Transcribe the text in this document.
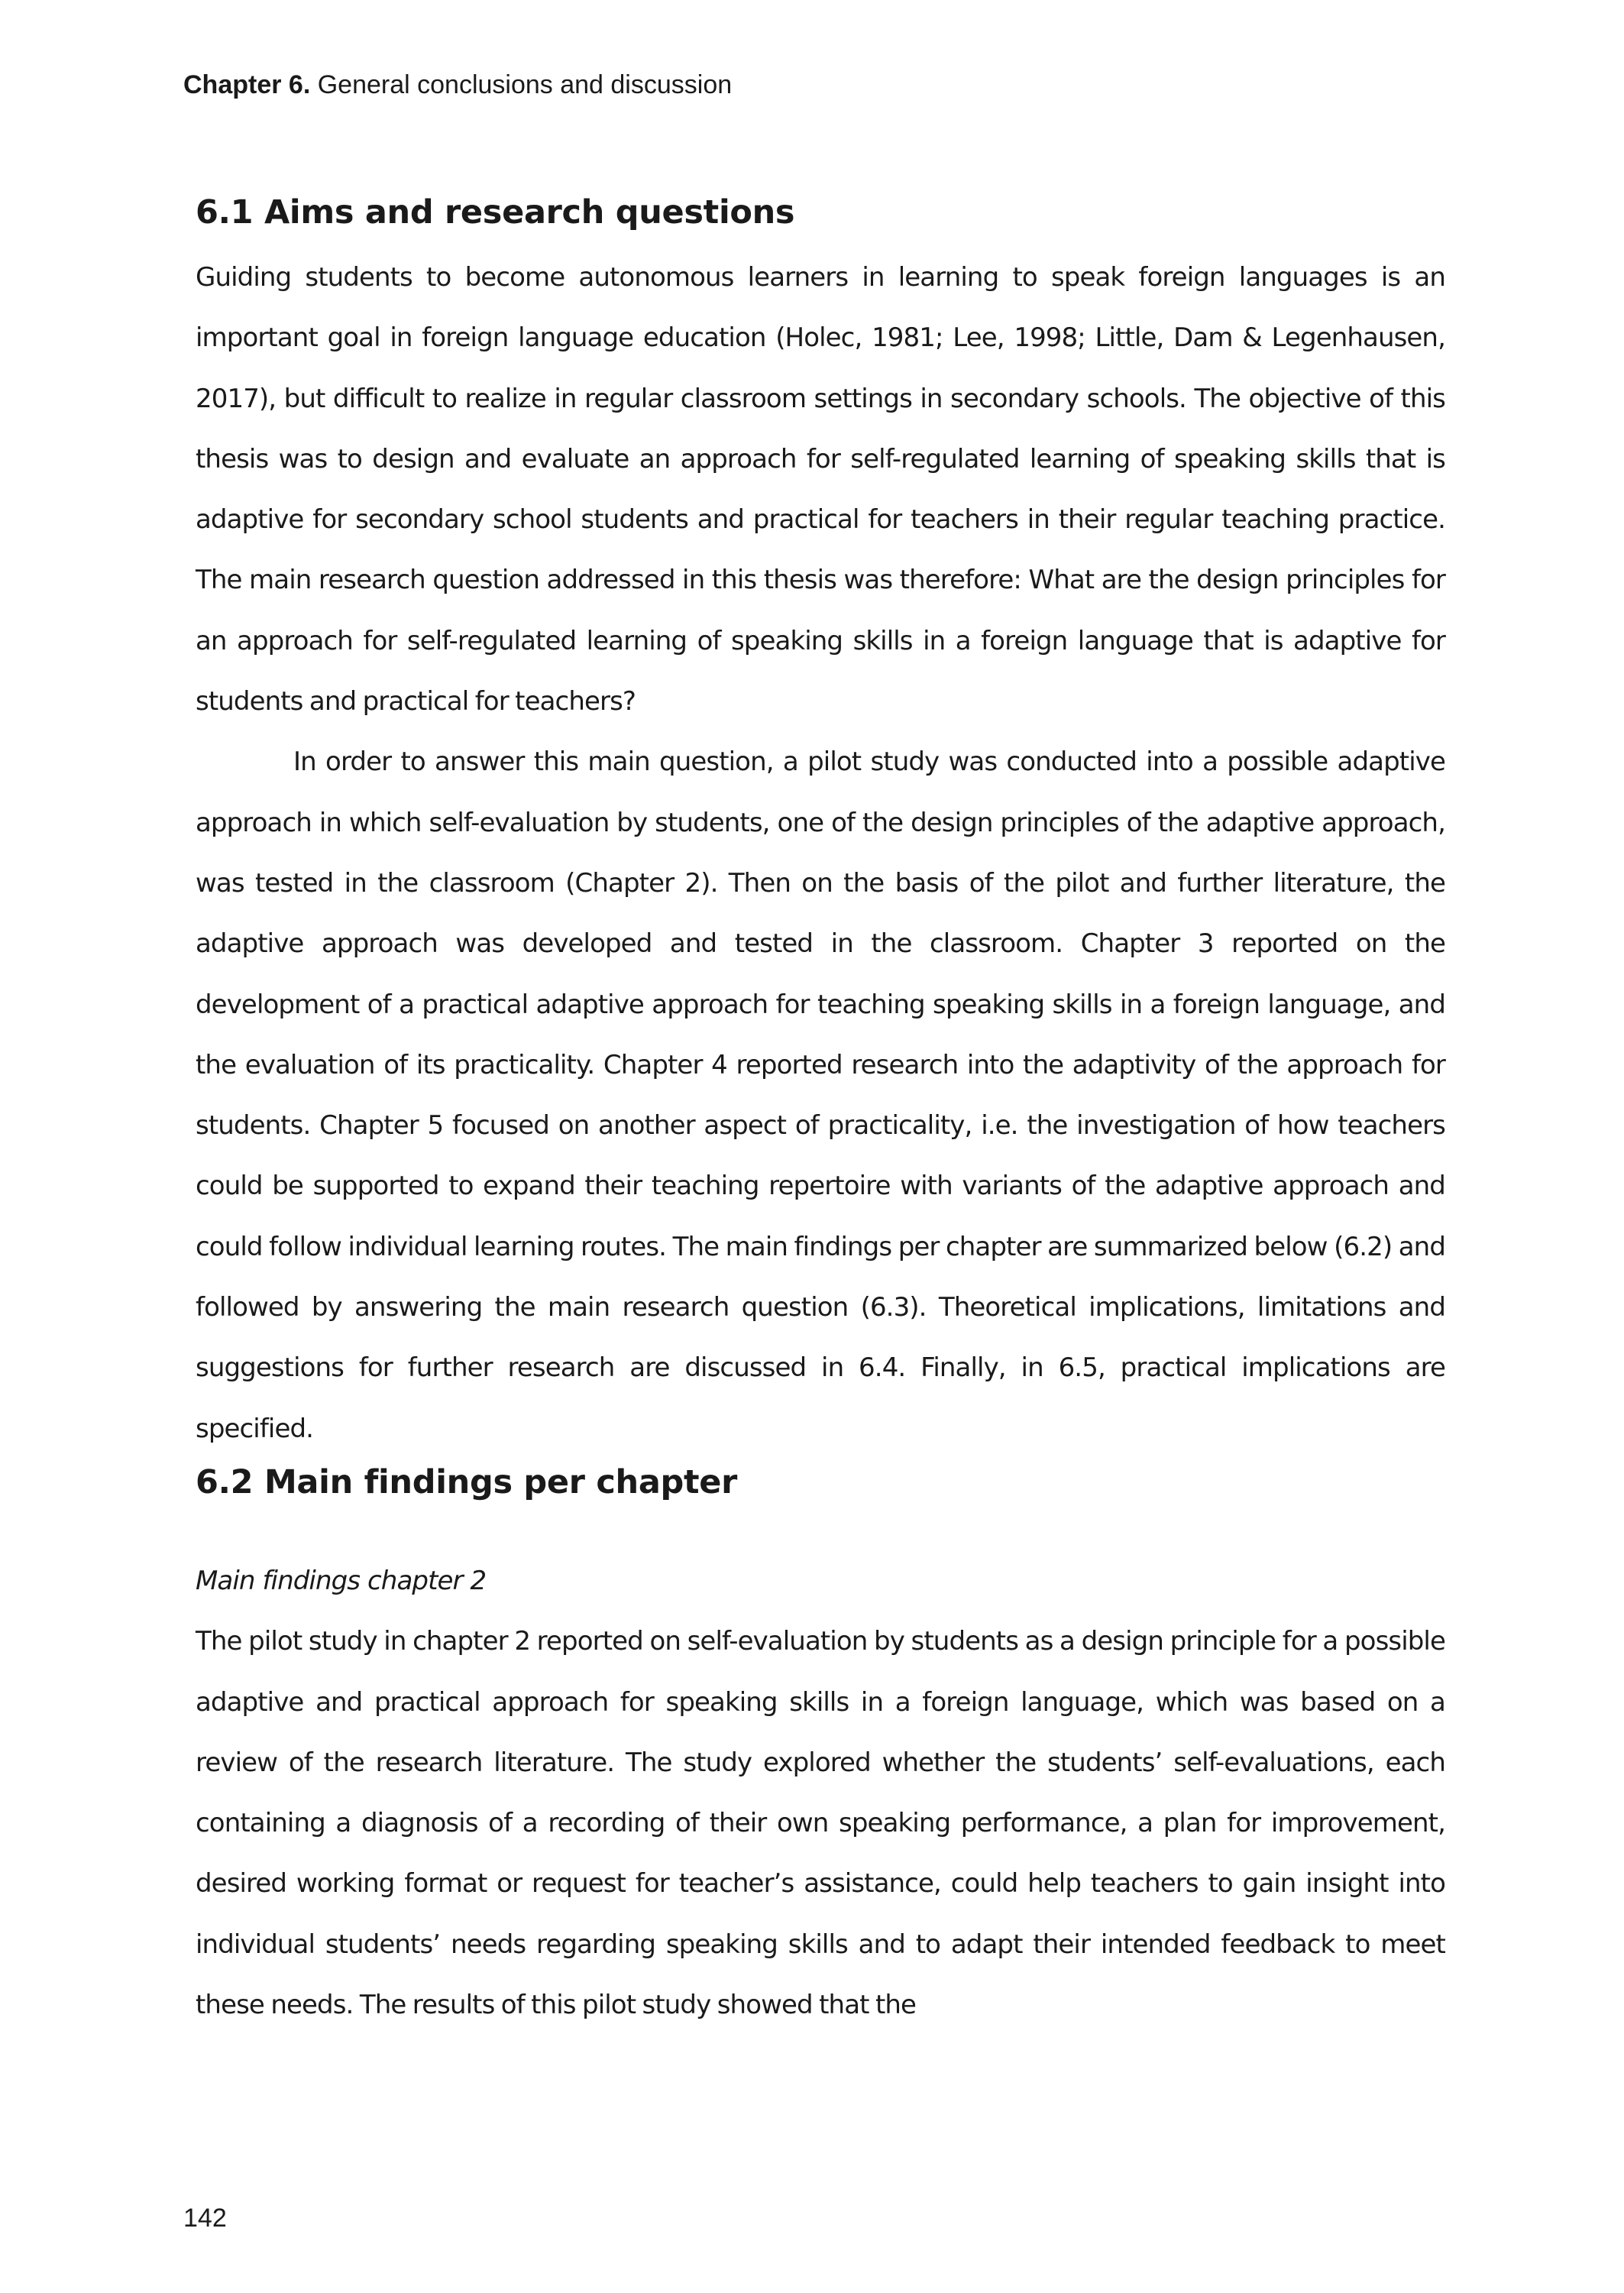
Chapter 6. General conclusions and discussion
6.1 Aims and research questions

Guiding students to become autonomous learners in learning to speak foreign languages is an important goal in foreign language education (Holec, 1981; Lee, 1998; Little, Dam & Legenhausen, 2017), but difficult to realize in regular classroom settings in secondary schools. The objective of this thesis was to design and evaluate an approach for self-regulated learning of speaking skills that is adaptive for secondary school students and practical for teachers in their regular teaching practice. The main research question addressed in this thesis was therefore: What are the design principles for an approach for self-regulated learning of speaking skills in a foreign language that is adaptive for students and practical for teachers?

In order to answer this main question, a pilot study was conducted into a possible adaptive approach in which self-evaluation by students, one of the design principles of the adaptive approach, was tested in the classroom (Chapter 2). Then on the basis of the pilot and further literature, the adaptive approach was developed and tested in the classroom. Chapter 3 reported on the development of a practical adaptive approach for teaching speaking skills in a foreign language, and the evaluation of its practicality. Chapter 4 reported research into the adaptivity of the approach for students. Chapter 5 focused on another aspect of practicality, i.e. the investigation of how teachers could be supported to expand their teaching repertoire with variants of the adaptive approach and could follow individual learning routes. The main findings per chapter are summarized below (6.2) and followed by answering the main research question (6.3). Theoretical implications, limitations and suggestions for further research are discussed in 6.4. Finally, in 6.5, practical implications are specified.

6.2 Main findings per chapter
Main findings chapter 2

The pilot study in chapter 2 reported on self-evaluation by students as a design principle for a possible adaptive and practical approach for speaking skills in a foreign language, which was based on a review of the research literature. The study explored whether the students’ self-evaluations, each containing a diagnosis of a recording of their own speaking performance, a plan for improvement, desired working format or request for teacher’s assistance, could help teachers to gain insight into individual students’ needs regarding speaking skills and to adapt their intended feedback to meet these needs. The results of this pilot study showed that the

142
